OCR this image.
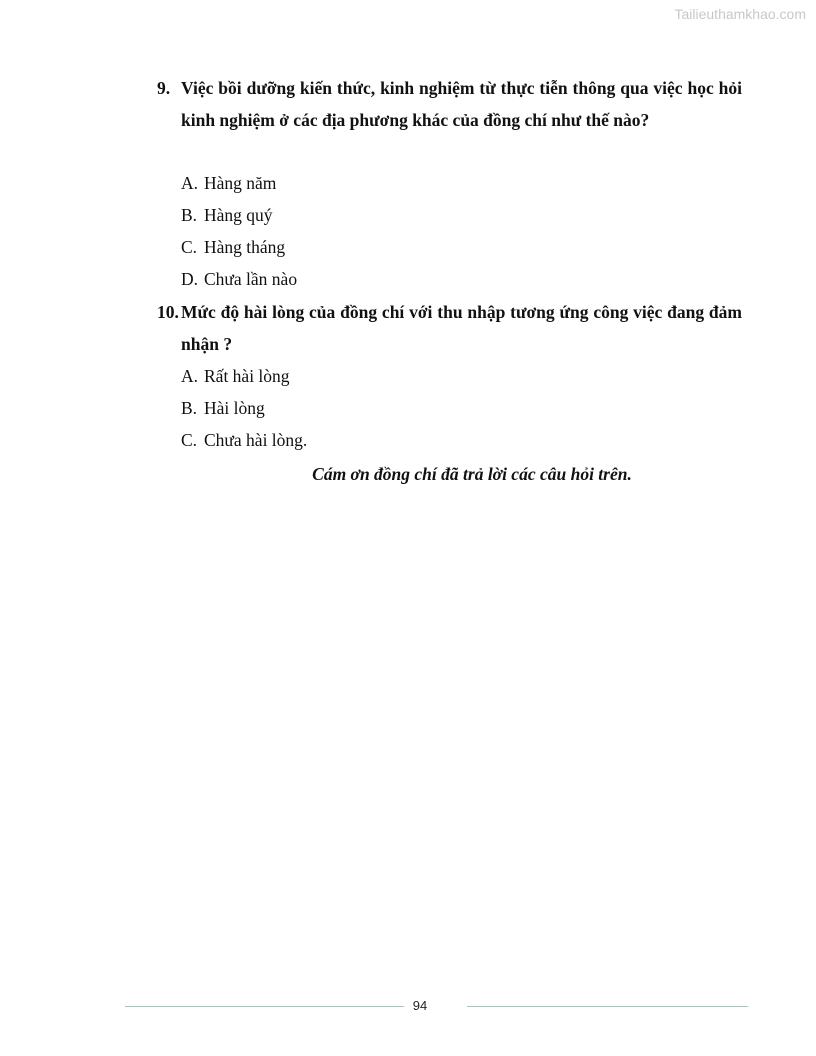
Tailieuthamkhao.com
9. Việc bồi dưỡng kiến thức, kinh nghiệm từ thực tiễn thông qua việc học hỏi kinh nghiệm ở các địa phương khác của đồng chí như thế nào?
A. Hàng năm
B. Hàng quý
C. Hàng tháng
D. Chưa lần nào
10. Mức độ hài lòng của đồng chí với thu nhập tương ứng công việc đang đảm nhận ?
A. Rất hài lòng
B. Hài lòng
C. Chưa hài lòng.
Cám ơn đồng chí đã trả lời các câu hỏi trên.
94
